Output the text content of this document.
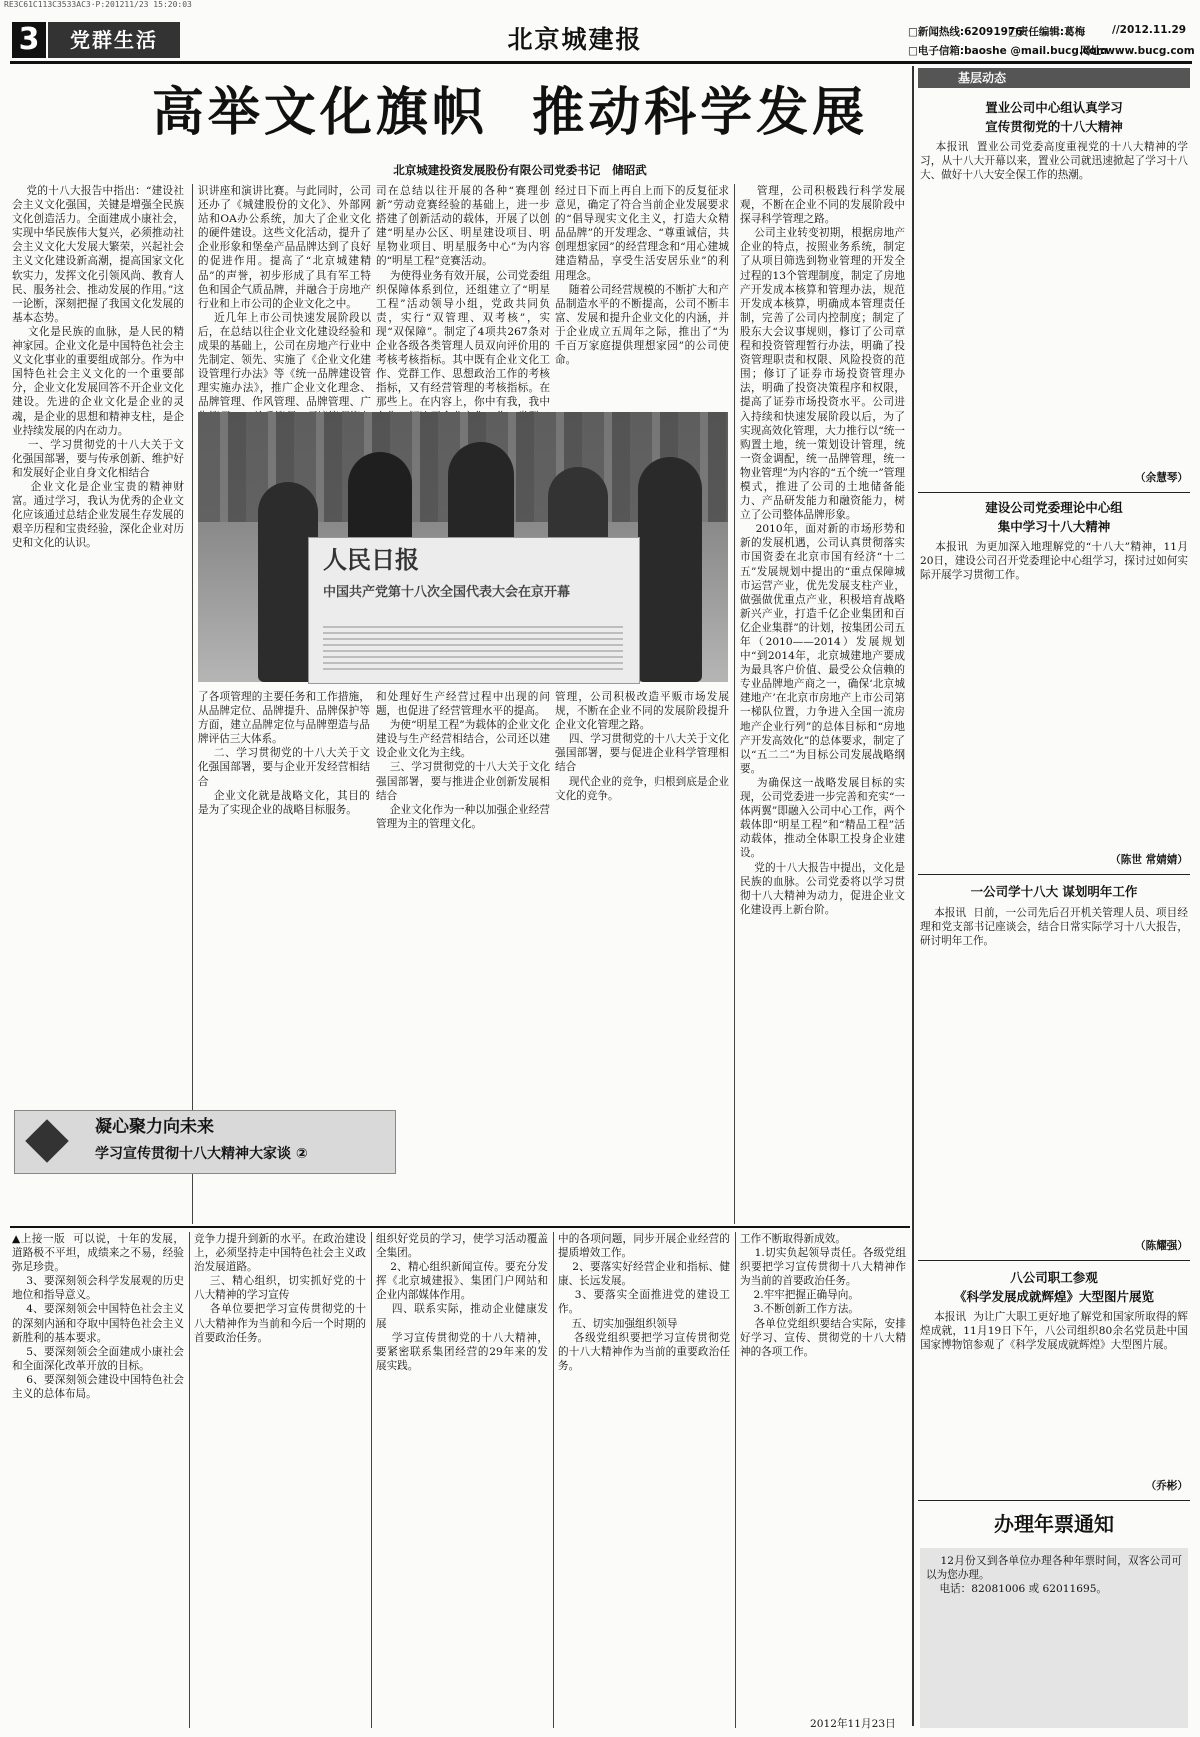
RE3C61C113C3533AC3·P:201211/23 15:20:03
3	党群生活	北京城建报	□新闻热线:62091976
□责任编辑:葛梅	//2012.11.29
□电子信箱:baoshe @mail.bucg.com
网址:www.bucg.com
高举文化旗帜  推动科学发展
北京城建投资发展股份有限公司党委书记   储昭武
党的十八大报告中指出：“建设社会主义文化强国，关键是增强全民族文化创造活力。全面建成小康社会，实现中华民族伟大复兴，必须推动社会主义文化大发展大繁荣，兴起社会主义文化建设新高潮，提高国家文化软实力，发挥文化引领风尚、教育人民、服务社会、推动发展的作用。”这一论断，深刻把握了我国文化发展的基本态势。
文化是民族的血脉，是人民的精神家园。企业文化是中国特色社会主义文化事业的重要组成部分。作为中国特色社会主义文化的一个重要部分，企业文化发展回答不开企业文化建设。先进的企业文化是企业的灵魂，是企业的思想和精神支柱，是企业持续发展的内在动力。
一、学习贯彻党的十八大关于文化强国部署，要与传承创新、维护好和发展好企业自身文化相结合
企业文化是企业宝贵的精神财富。通过学习，我认为优秀的企业文化应该通过总结企业发展生存发展的艰辛历程和宝贵经验，深化企业对历史和文化的认识。
识讲座和演讲比赛。与此同时，公司还办了《城建股份的文化》、外部网站和OA办公系统，加大了企业文化的硬件建设。这些文化活动，提升了企业形象和堡垒产品品牌达到了良好的促进作用。提高了“北京城建精品”的声誉，初步形成了具有军工特色和国企气质品牌，并融合于房地产行业和上市公司的企业文化之中。
近几年上市公司快速发展阶段以后，在总结以往企业文化建设经验和成果的基础上，公司在房地产行业中先制定、领先、实施了《企业文化建设管理行办法》等《统一品牌建设管理实施办法》，推广企业文化理念、品牌管理、作风管理、品牌管理、广
司在总结以往开展的各种“赛理创新”劳动竞赛经验的基础上，进一步搭建了创新活动的载体，开展了以创建“明星办公区、明星建设项目、明星物业项目、明星服务中心”为内容的“明星工程”竞赛活动。
为使得业务有效开展，公司党委组织保障体系到位，还组建立了“明星工程”活动领导小组，党政共同负责，实行“双管理、双考核”，实现“双保障”。制定了4项共267条对企业各级各类管理人员双向评价用的考核考核指标。其中既有企业文化工作、党群工作、思想政治工作的考核指标，又有经营管理的考核指标。在那些上。在内容上，你中有我，我中
经过日下而上再自上而下的反复征求意见，确定了符合当前企业发展要求的“倡导现实文化主义，打造大众精品品牌”的开发理念、“尊重诚信，共创理想家园”的经营理念和“用心建城建造精品，享受生活安居乐业”的利用理念。
随着公司经营规模的不断扩大和产品制造水平的不断提高，公司不断丰富、发展和提升企业文化的内涵，并于企业成立五周年之际，推出了“为千百万家庭提供理想家园”的公司使命。
管理，公司积极践行科学发展观，不断在企业不同的发展阶段中探寻科学管理之路。
公司主业转变初期，根据房地产企业的特点，按照业务系统，制定了从项目筛选到物业管理的开发全过程的13个管理制度，制定了房地产开发成本核算和管理办法，规范开发成本核算，明确成本管理责任制，完善了公司内控制度；制定了股东大会议事规则，修订了公司章程和投资管理暂行办法，明确了投资管理职责和权限、风险投资的范围；修订了证券市场投资管理办法，明确了投资决策程序和权限，提高了证券市场投资水平。公司进入持续和快速发展阶段以后，为了实现高效化管理，大力推行以“统一购置土地，统一策划设计管理，统一资金调配，统一品牌管理，统一物业管理”为内容的“五个统一”管理模式，推进了公司的土地储备能力、产品研发能力和融资能力，树立了公司整体品牌形象。
2010年，面对新的市场形势和新的发展机遇，公司认真贯彻落实市国资委在北京市国有经济“十二五”发展规划中提出的“重点保障城市运营产业，优先发展支柱产业，做强做优重点产业，积极培育战略新兴产业，打造千亿企业集团和百亿企业集群”的计划，按集团公司五年（2010——2014）发展规划中“到2014年，北京城建地产要成为最具客户价值、最受公众信赖的专业品牌地产商之一，确保‘北京城建地产’在北京市房地产上市公司第一梯队位置，力争进入全国一流房地产企业行列”的总体目标和“房地产开发高效化”的总体要求，制定了以“五二二”为目标公司发展战略纲要。
为确保这一战略发展目标的实现，公司党委进一步完善和充实“一体两翼”即融入公司中心工作，两个载体即“明星工程”和“精品工程”活动载体，推动全体职工投身企业建设。
党的十八大报告中提出，文化是民族的血脉。公司党委将以学习贯彻十八大精神为动力，促进企业文化建设再上新台阶。
人民日报
中国共产党第十八次全国代表大会在京开幕
了各项管理的主要任务和工作措施，从品牌定位、品牌提升、品牌保护等方面，建立品牌定位与品牌塑造与品牌评估三大体系。
二、学习贯彻党的十八大关于文化强国部署，要与企业开发经营相结合
企业文化就是战略文化，其目的是为了实现企业的战略目标服务。
和处理好生产经营过程中出现的问题，也促进了经营管理水平的提高。
为使“明星工程”为载体的企业文化建设与生产经营相结合，公司还以建设企业文化为主线。
三、学习贯彻党的十八大关于文化强国部署，要与推进企业创新发展相结合
企业文化作为一种以加强企业经营管理为主的管理文化。
管理，公司积极改造平贩市场发展规，不断在企业不同的发展阶段提升企业文化管理之路。
四、学习贯彻党的十八大关于文化强国部署，要与促进企业科学管理相结合
现代企业的竞争，归根到底是企业文化的竞争。
凝心聚力向未来
学习宣传贯彻十八大精神大家谈 ②
基层动态
置业公司中心组认真学习
宣传贯彻党的十八大精神
本报讯  置业公司党委高度重视党的十八大精神的学习，从十八大开幕以来，置业公司就迅速掀起了学习十八大、做好十八大安全保工作的热潮。
（余慧琴）
建设公司党委理论中心组
集中学习十八大精神
本报讯  为更加深入地理解党的“十八大”精神，11月20日，建设公司召开党委理论中心组学习，探讨过如何实际开展学习贯彻工作。
（陈世 常婧婧）
一公司学十八大 谋划明年工作
本报讯  日前，一公司先后召开机关管理人员、项目经理和党支部书记座谈会，结合日常实际学习十八大报告，研讨明年工作。
（陈耀强）
八公司职工参观
《科学发展成就辉煌》大型图片展览
本报讯  为让广大职工更好地了解党和国家所取得的辉煌成就，11月19日下午，八公司组织80余名党员赴中国国家博物馆参观了《科学发展成就辉煌》大型图片展。
（乔彬）
办理年票通知
12月份又到各单位办理各种年票时间，双客公司可以为您办理。
电话：82081006 或 62011695。
▲上接一版  可以说，十年的发展，道路极不平坦，成绩来之不易，经验弥足珍贵。
3、要深刻领会科学发展观的历史地位和指导意义。
4、要深刻领会中国特色社会主义的深刻内涵和夺取中国特色社会主义新胜利的基本要求。
5、要深刻领会全面建成小康社会和全面深化改革开放的目标。
6、要深刻领会建设中国特色社会主义的总体布局。
竞争力提升到新的水平。在政治建设上，必须坚持走中国特色社会主义政治发展道路。
三、精心组织，切实抓好党的十八大精神的学习宣传
各单位要把学习宣传贯彻党的十八大精神作为当前和今后一个时期的首要政治任务。
组织好党员的学习，使学习活动覆盖全集团。
2、精心组织新闻宣传。要充分发挥《北京城建报》、集团门户网站和企业内部媒体作用。
四、联系实际，推动企业健康发展
学习宣传贯彻党的十八大精神，要紧密联系集团经营的29年来的发展实践。
中的各项问题，同步开展企业经营的提质增效工作。
2、要落实好经营企业和指标、健康、长远发展。
3、要落实全面推进党的建设工作。
五、切实加强组织领导
各级党组织要把学习宣传贯彻党的十八大精神作为当前的重要政治任务。
工作不断取得新成效。
1.切实负起领导责任。各级党组织要把学习宣传贯彻十八大精神作为当前的首要政治任务。
2.牢牢把握正确导向。
3.不断创新工作方法。
各单位党组织要结合实际，安排好学习、宣传、贯彻党的十八大精神的各项工作。
2012年11月23日
